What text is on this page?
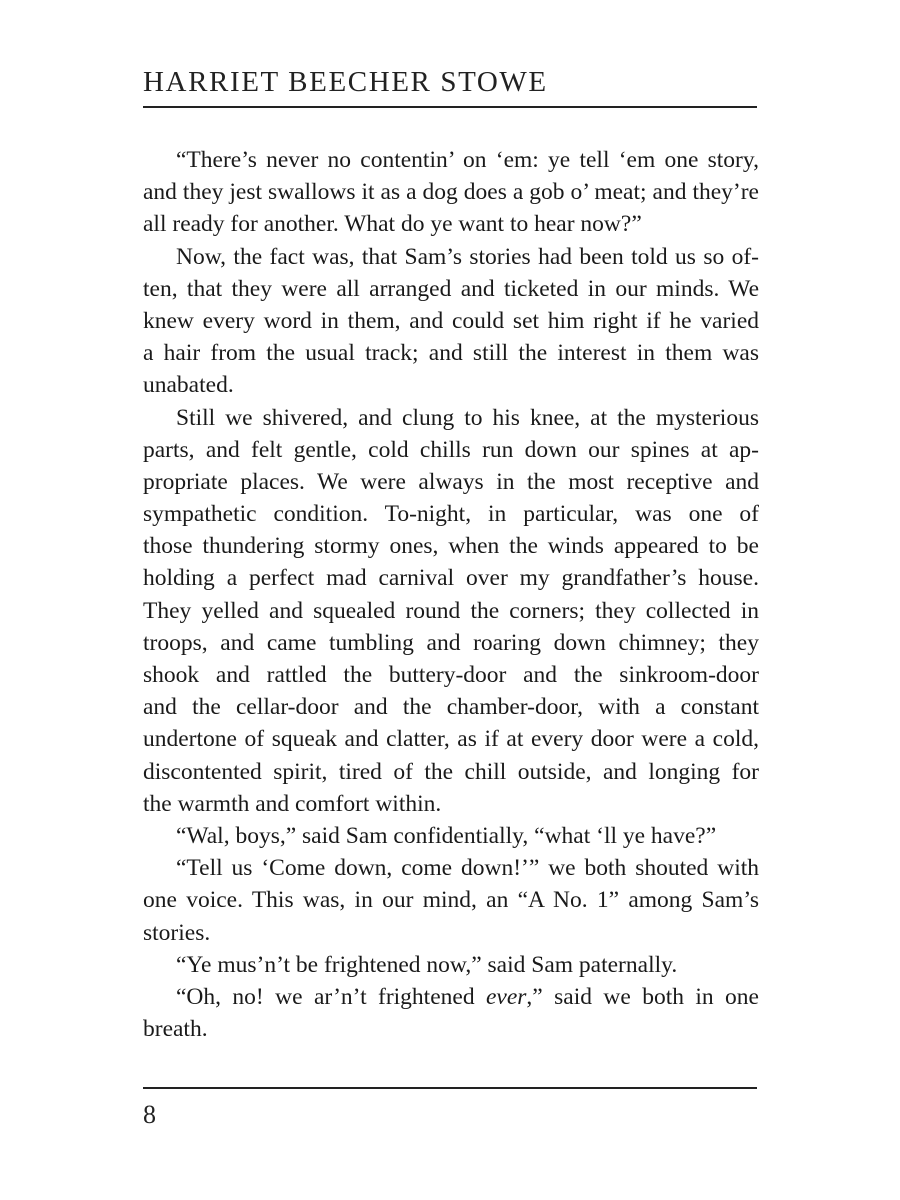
HARRIET BEECHER STOWE
“There’s never no contentin’ on ‘em: ye tell ‘em one story,
and they jest swallows it as a dog does a gob o’ meat; and they’re
all ready for another. What do ye want to hear now?”
Now, the fact was, that Sam’s stories had been told us so of-
ten, that they were all arranged and ticketed in our minds. We
knew every word in them, and could set him right if he varied
a hair from the usual track; and still the interest in them was
unabated.
Still we shivered, and clung to his knee, at the mysterious
parts, and felt gentle, cold chills run down our spines at ap-
propriate places. We were always in the most receptive and
sympathetic condition. To-night, in particular, was one of
those thundering stormy ones, when the winds appeared to be
holding a perfect mad carnival over my grandfather’s house.
They yelled and squealed round the corners; they collected in
troops, and came tumbling and roaring down chimney; they
shook and rattled the buttery-door and the sinkroom-door
and the cellar-door and the chamber-door, with a constant
undertone of squeak and clatter, as if at every door were a cold,
discontented spirit, tired of the chill outside, and longing for
the warmth and comfort within.
“Wal, boys,” said Sam confidentially, “what ‘ll ye have?”
“Tell us ‘Come down, come down!’” we both shouted with
one voice. This was, in our mind, an “A No. 1” among Sam’s
stories.
“Ye mus’n’t be frightened now,” said Sam paternally.
“Oh, no! we ar’n’t frightened ever,” said we both in one
breath.
8
